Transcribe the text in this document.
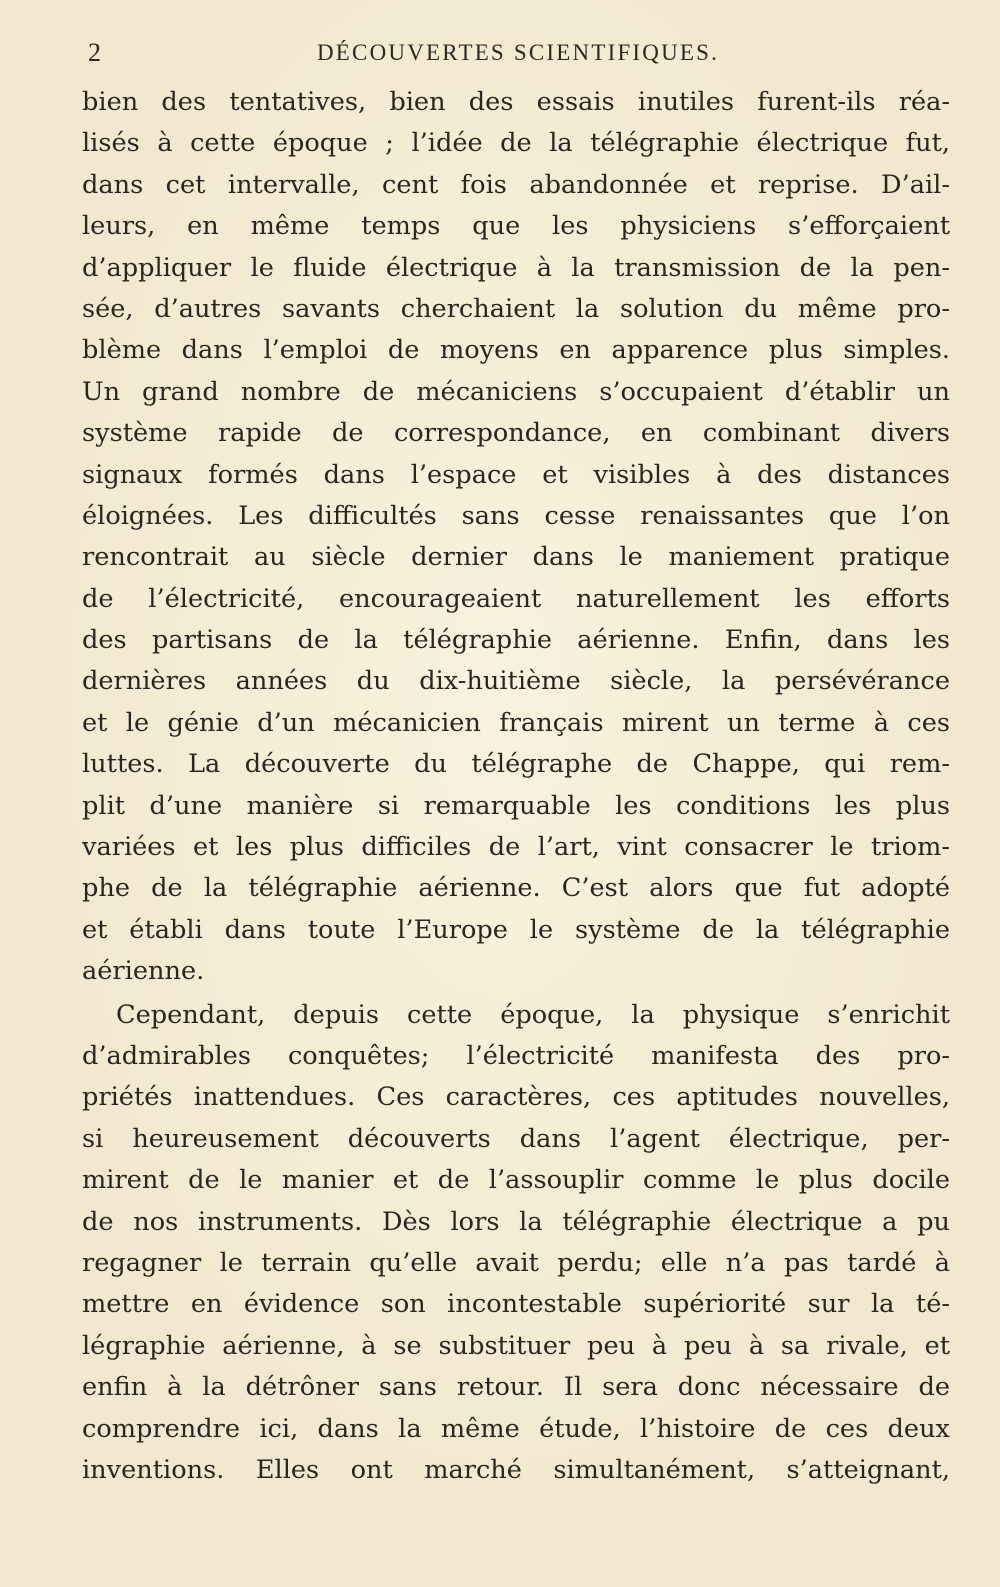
2	DÉCOUVERTES SCIENTIFIQUES.
bien des tentatives, bien des essais inutiles furent-ils réa-
lisés à cette époque ; l’idée de la télégraphie électrique fut,
dans cet intervalle, cent fois abandonnée et reprise. D’ail-
leurs, en même temps que les physiciens s’efforçaient
d’appliquer le fluide électrique à la transmission de la pen-
sée, d’autres savants cherchaient la solution du même pro-
blème dans l’emploi de moyens en apparence plus simples.
Un grand nombre de mécaniciens s’occupaient d’établir un
système rapide de correspondance, en combinant divers
signaux formés dans l’espace et visibles à des distances
éloignées. Les difficultés sans cesse renaissantes que l’on
rencontrait au siècle dernier dans le maniement pratique
de l’électricité, encourageaient naturellement les efforts
des partisans de la télégraphie aérienne. Enfin, dans les
dernières années du dix-huitième siècle, la persévérance
et le génie d’un mécanicien français mirent un terme à ces
luttes. La découverte du télégraphe de Chappe, qui rem-
plit d’une manière si remarquable les conditions les plus
variées et les plus difficiles de l’art, vint consacrer le triom-
phe de la télégraphie aérienne. C’est alors que fut adopté
et établi dans toute l’Europe le système de la télégraphie
aérienne.
Cependant, depuis cette époque, la physique s’enrichit
d’admirables conquêtes; l’électricité manifesta des pro-
priétés inattendues. Ces caractères, ces aptitudes nouvelles,
si heureusement découverts dans l’agent électrique, per-
mirent de le manier et de l’assouplir comme le plus docile
de nos instruments. Dès lors la télégraphie électrique a pu
regagner le terrain qu’elle avait perdu; elle n’a pas tardé à
mettre en évidence son incontestable supériorité sur la té-
légraphie aérienne, à se substituer peu à peu à sa rivale, et
enfin à la détrôner sans retour. Il sera donc nécessaire de
comprendre ici, dans la même étude, l’histoire de ces deux
inventions. Elles ont marché simultanément, s’atteignant,
